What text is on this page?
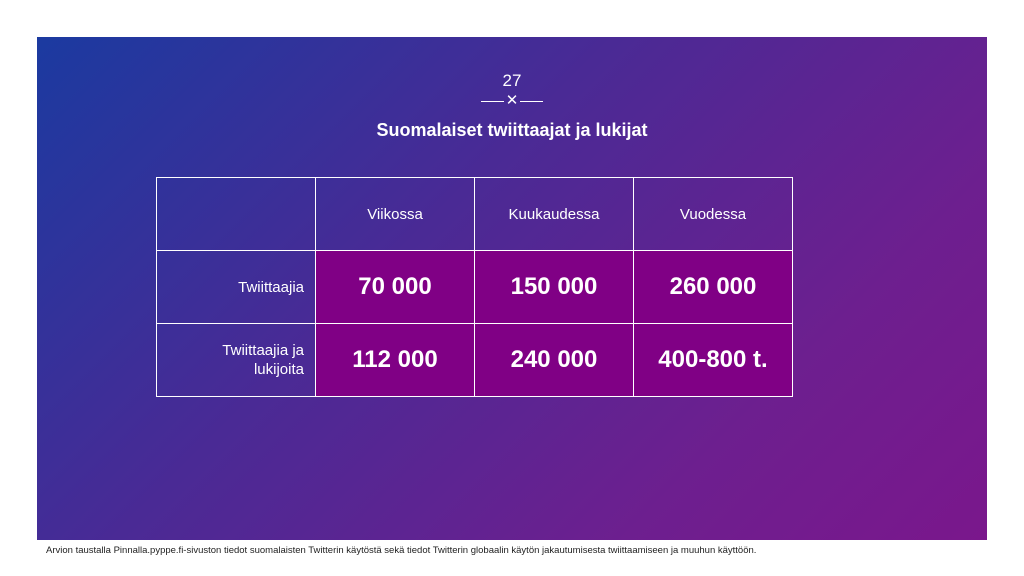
27
✕
Suomalaiset twiittaajat ja lukijat
	Viikossa	Kuukaudessa	Vuodessa
Twiittaajia	70 000	150 000	260 000
Twiittaajia ja
lukijoita	112 000	240 000	400-800 t.
Arvion taustalla Pinnalla.pyppe.fi-sivuston tiedot suomalaisten Twitterin käytöstä sekä tiedot Twitterin globaalin käytön jakautumisesta twiittaamiseen ja muuhun käyttöön.
